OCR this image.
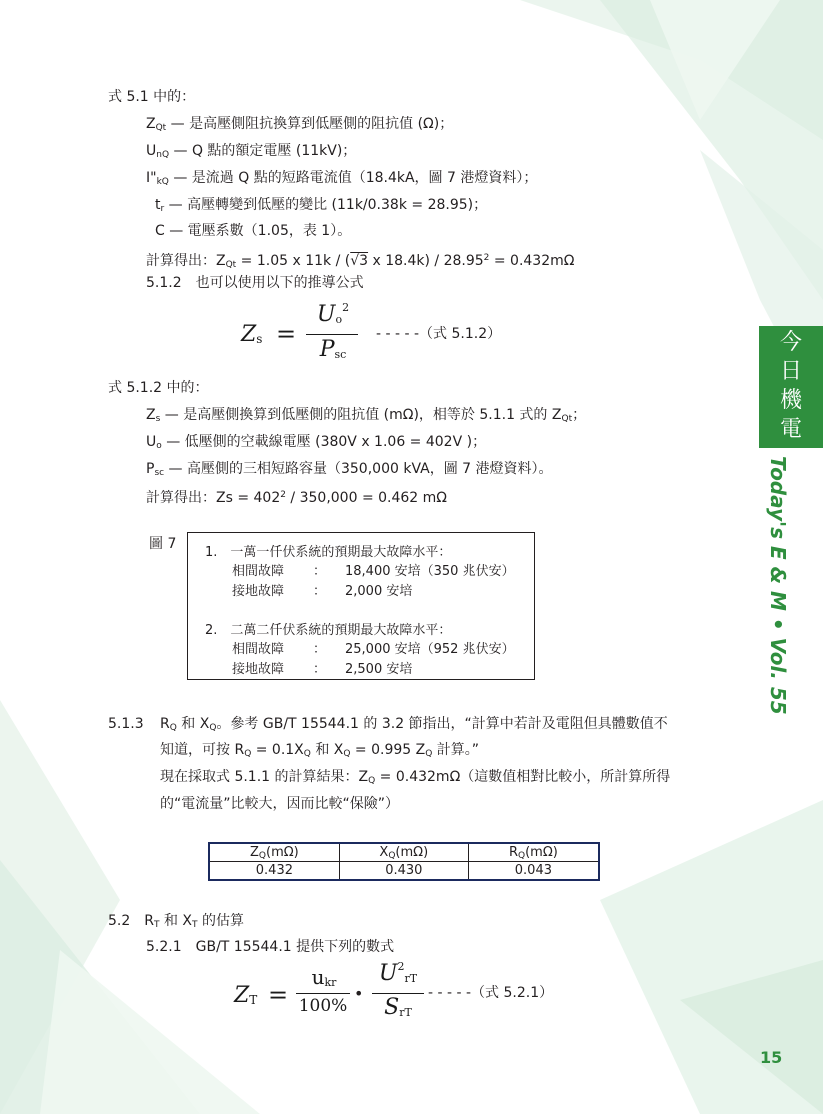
式 5.1 中的：
$Z_{Qt}$ — 是高壓側阻抗換算到低壓側的阻抗值 (Ω)；
$U_{nQ}$ — Q 點的額定電壓 (11kV)；
$I"_{kQ}$ — 是流過 Q 點的短路電流值（18.4kA，圖 7 港燈資料）；
$t_r$ — 高壓轉變到低壓的變比 (11k/0.38k = 28.95)；
C — 電壓系數（1.05，表 1）。
計算得出：$Z_{Qt} = 1.05$ x 11k / (√3 x $18.4k) / 28.95^2 = 0.432m\Omega$
5.1.2　也可以使用以下的推導公式
$Z_s$ =
$U_o^2$
$P_{sc}$
- - - - -（式 5.1.2）
式 5.1.2 中的：
$Z_s$ — 是高壓側換算到低壓側的阻抗值 (mΩ)，相等於 5.1.1 式的 $Z_{Qt}$；
$U_o$ — 低壓側的空載線電壓 (380V x 1.06 = 402V )；
$P_{sc}$ — 高壓側的三相短路容量（350,000 kVA，圖 7 港燈資料）。
計算得出：$Zs = 402^2 / 350,000 = 0.462$ mΩ
圖 7
1.　一萬一仟伏系統的預期最大故障水平：
相間故障 ： 18,400 安培（350 兆伏安）
接地故障 ： 2,000 安培
2.　二萬二仟伏系統的預期最大故障水平：
相間故障 ： 25,000 安培（952 兆伏安）
接地故障 ： 2,500 安培
5.1.3 $R_Q$ 和 $X_Q$。參考 GB/T 15544.1 的 3.2 節指出，“計算中若計及電阻但具體數值不
知道，可按 $R_Q = 0.1X_Q$ 和 $X_Q = 0.995$ $Z_Q$ 計算。”
現在採取式 5.1.1 的計算結果：$Z_Q = 0.432m\Omega$（這數值相對比較小，所計算所得
的“電流量”比較大，因而比較“保險”）
$Z_Q(m\Omega)$	$X_Q(m\Omega)$	$R_Q(m\Omega)$
0.432	0.430	0.043
5.2　$R_T$ 和 $X_T$ 的估算
5.2.1　GB/T 15544.1 提供下列的數式
$Z_T$ =
$u_{kr}$
100%
•
$U^2_{rT}$
$S_{rT}$
- - - - -（式 5.2.1）
今
日
機
電
Today's E & M • Vol. 55
15
